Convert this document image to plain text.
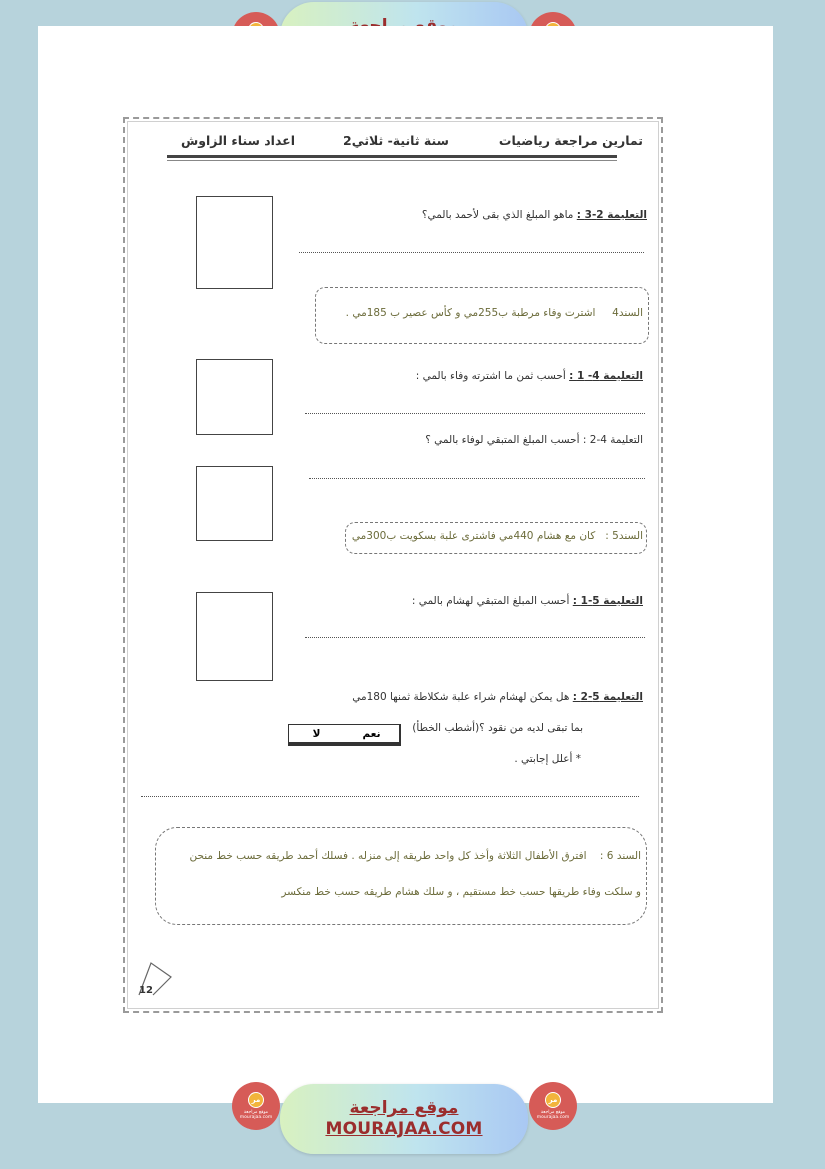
تمارين مراجعة رياضيات
سنة ثانية- ثلاثي2
اعداد سناء الزاوش
التعليمة 2-3 : ماهو المبلغ الذي بقى لأحمد بالمي؟
السند4     اشترت وفاء مرطبة ب255مي و كأس عصير ب 185مي .
التعليمة 4- 1 : أحسب ثمن ما اشترته وفاء بالمي :
التعليمة 4-2 : أحسب المبلغ المتبقي لوفاء بالمي ؟
السند5 :   كان مع هشام 440مي فاشترى علبة بسكويت ب300مي
التعليمة 5-1 : أحسب المبلغ المتبقي لهشام بالمي :
التعليمة 5-2 : هل يمكن لهشام شراء علبة شكلاطة ثمنها 180مي
بما تبقى لديه من نقود ؟(أشطب الخطأ)
لا	نعم
* أعلل إجابتي .
السند 6 :    افترق الأطفال الثلاثة وأخذ كل واحد طريقه إلى منزله . فسلك أحمد طريقه حسب خط منحن
و سلكت وفاء طريقها حسب خط مستقيم ، و سلك هشام طريقه حسب خط منكسر
12
مر
موقع مراجعة mourajaa.com	موقع مراجعة
MOURAJAA.COM
مر
موقع مراجعة mourajaa.com
